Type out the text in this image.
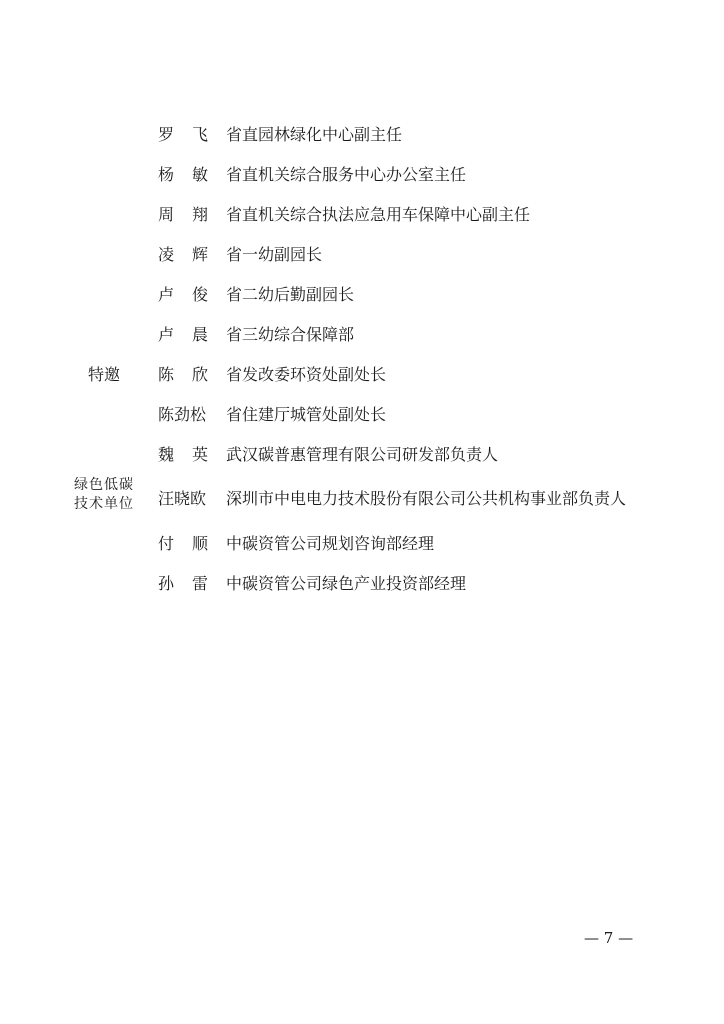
罗飞 省直园林绿化中心副主任
杨敏 省直机关综合服务中心办公室主任
周翔 省直机关综合执法应急用车保障中心副主任
凌辉 省一幼副园长
卢俊 省二幼后勤副园长
卢晨 省三幼综合保障部
特邀 陈欣 省发改委环资处副处长
陈劲松 省住建厅城管处副处长
魏英 武汉碳普惠管理有限公司研发部负责人
绿色低碳
技术单位 汪晓欧 深圳市中电电力技术股份有限公司公共机构事业部负责人
付顺 中碳资管公司规划咨询部经理
孙雷 中碳资管公司绿色产业投资部经理
— 7 —
